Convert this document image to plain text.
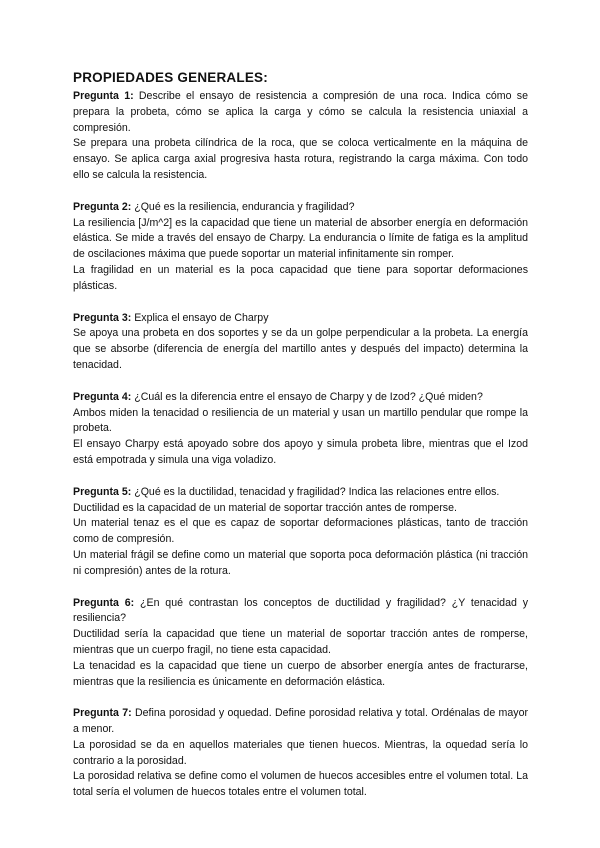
PROPIEDADES GENERALES:

Pregunta 1: Describe el ensayo de resistencia a compresión de una roca. Indica cómo se prepara la probeta, cómo se aplica la carga y cómo se calcula la resistencia uniaxial a compresión.

Se prepara una probeta cilíndrica de la roca, que se coloca verticalmente en la máquina de ensayo. Se aplica carga axial progresiva hasta rotura, registrando la carga máxima. Con todo ello se calcula la resistencia.

Pregunta 2: ¿Qué es la resiliencia, endurancia y fragilidad?

La resiliencia [J/m^2] es la capacidad que tiene un material de absorber energía en deformación elástica. Se mide a través del ensayo de Charpy. La endurancia o límite de fatiga es la amplitud de oscilaciones máxima que puede soportar un material infinitamente sin romper.

La fragilidad en un material es la poca capacidad que tiene para soportar deformaciones plásticas.

Pregunta 3: Explica el ensayo de Charpy

Se apoya una probeta en dos soportes y se da un golpe perpendicular a la probeta. La energía que se absorbe (diferencia de energía del martillo antes y después del impacto) determina la tenacidad.

Pregunta 4: ¿Cuál es la diferencia entre el ensayo de Charpy y de Izod? ¿Qué miden?

Ambos miden la tenacidad o resiliencia de un material y usan un martillo pendular que rompe la probeta.

El ensayo Charpy está apoyado sobre dos apoyo y simula probeta libre, mientras que el Izod está empotrada y simula una viga voladizo.

Pregunta 5: ¿Qué es la ductilidad, tenacidad y fragilidad? Indica las relaciones entre ellos.

Ductilidad es la capacidad de un material de soportar tracción antes de romperse.

Un material tenaz es el que es capaz de soportar deformaciones plásticas, tanto de tracción como de compresión.

Un material frágil se define como un material que soporta poca deformación plástica (ni tracción ni compresión) antes de la rotura.

Pregunta 6: ¿En qué contrastan los conceptos de ductilidad y fragilidad? ¿Y tenacidad y resiliencia?

Ductilidad sería la capacidad que tiene un material de soportar tracción antes de romperse, mientras que un cuerpo fragil, no tiene esta capacidad.

La tenacidad es la capacidad que tiene un cuerpo de absorber energía antes de fracturarse, mientras que la resiliencia es únicamente en deformación elástica.

Pregunta 7: Defina porosidad y oquedad. Define porosidad relativa y total. Ordénalas de mayor a menor.

La porosidad se da en aquellos materiales que tienen huecos. Mientras, la oquedad sería lo contrario a la porosidad.

La porosidad relativa se define como el volumen de huecos accesibles entre el volumen total. La total sería el volumen de huecos totales entre el volumen total.
